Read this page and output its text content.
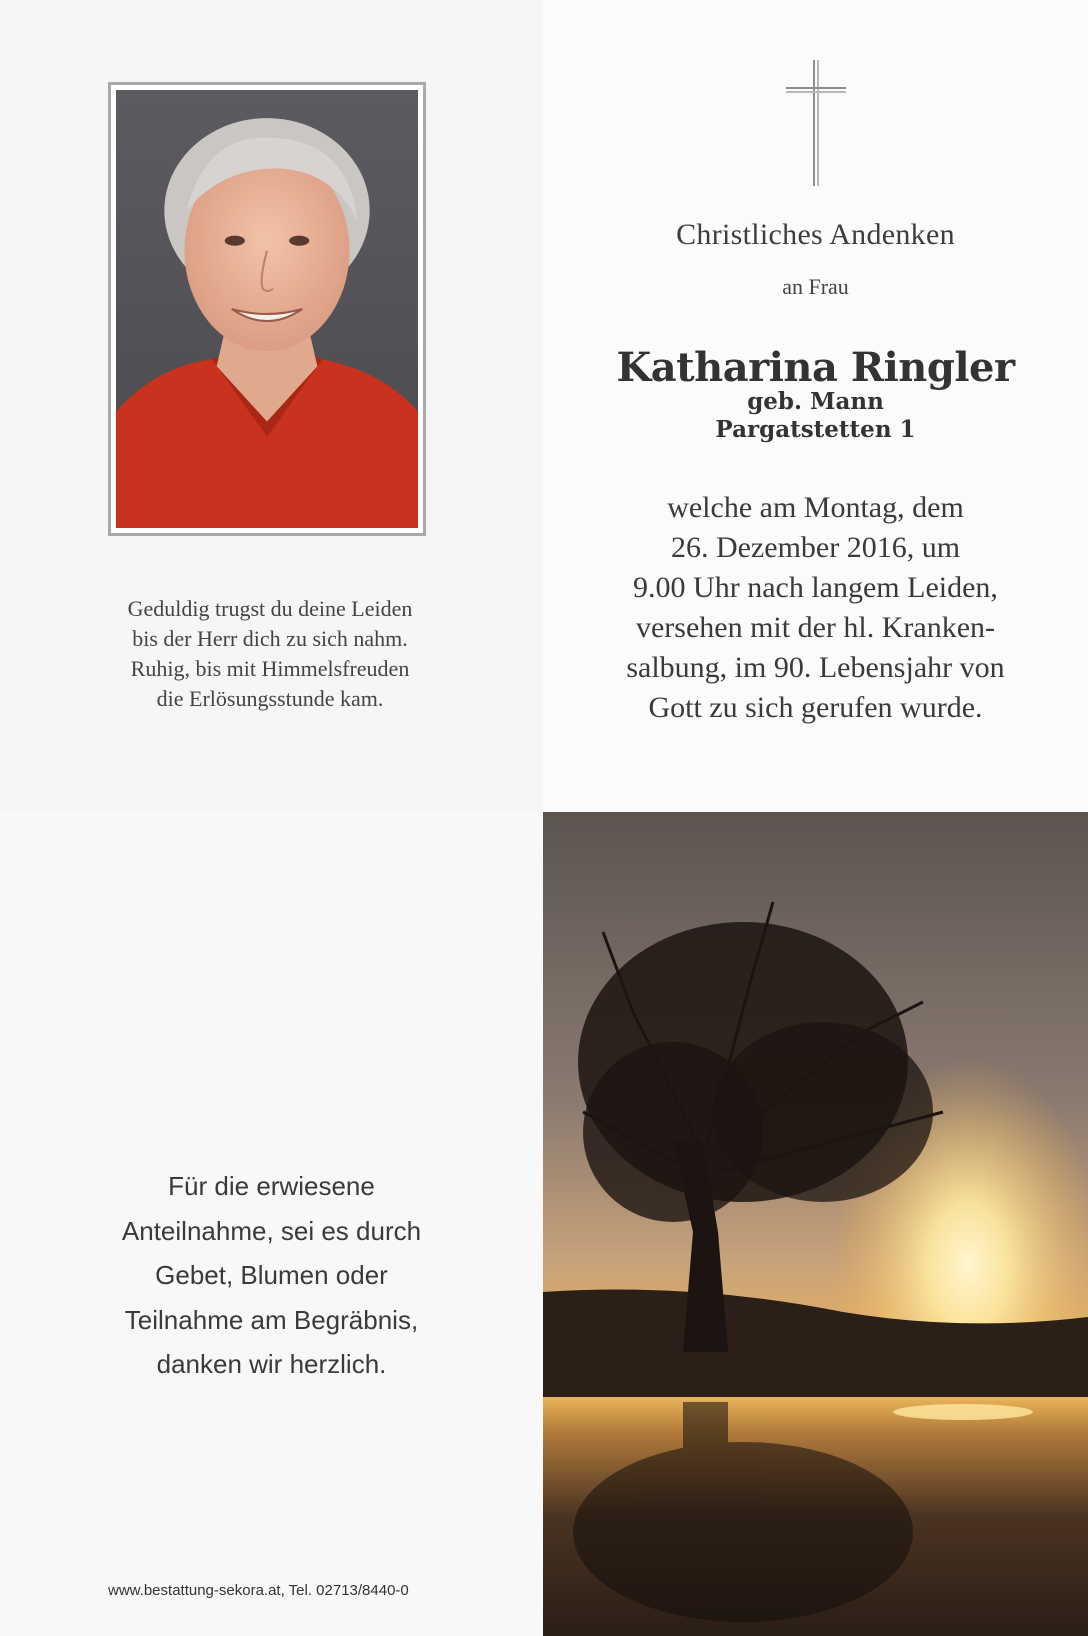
Geduldig trugst du deine Leiden
bis der Herr dich zu sich nahm.
Ruhig, bis mit Himmelsfreuden
die Erlösungsstunde kam.
Christliches Andenken
an Frau
Katharina Ringler
geb. Mann
Pargatstetten 1
welche am Montag, dem
26. Dezember 2016, um
9.00 Uhr nach langem Leiden,
versehen mit der hl. Kranken-
salbung, im 90. Lebensjahr von
Gott zu sich gerufen wurde.
Für die erwiesene
Anteilnahme, sei es durch
Gebet, Blumen oder
Teilnahme am Begräbnis,
danken wir herzlich.
www.bestattung-sekora.at, Tel. 02713/8440-0
